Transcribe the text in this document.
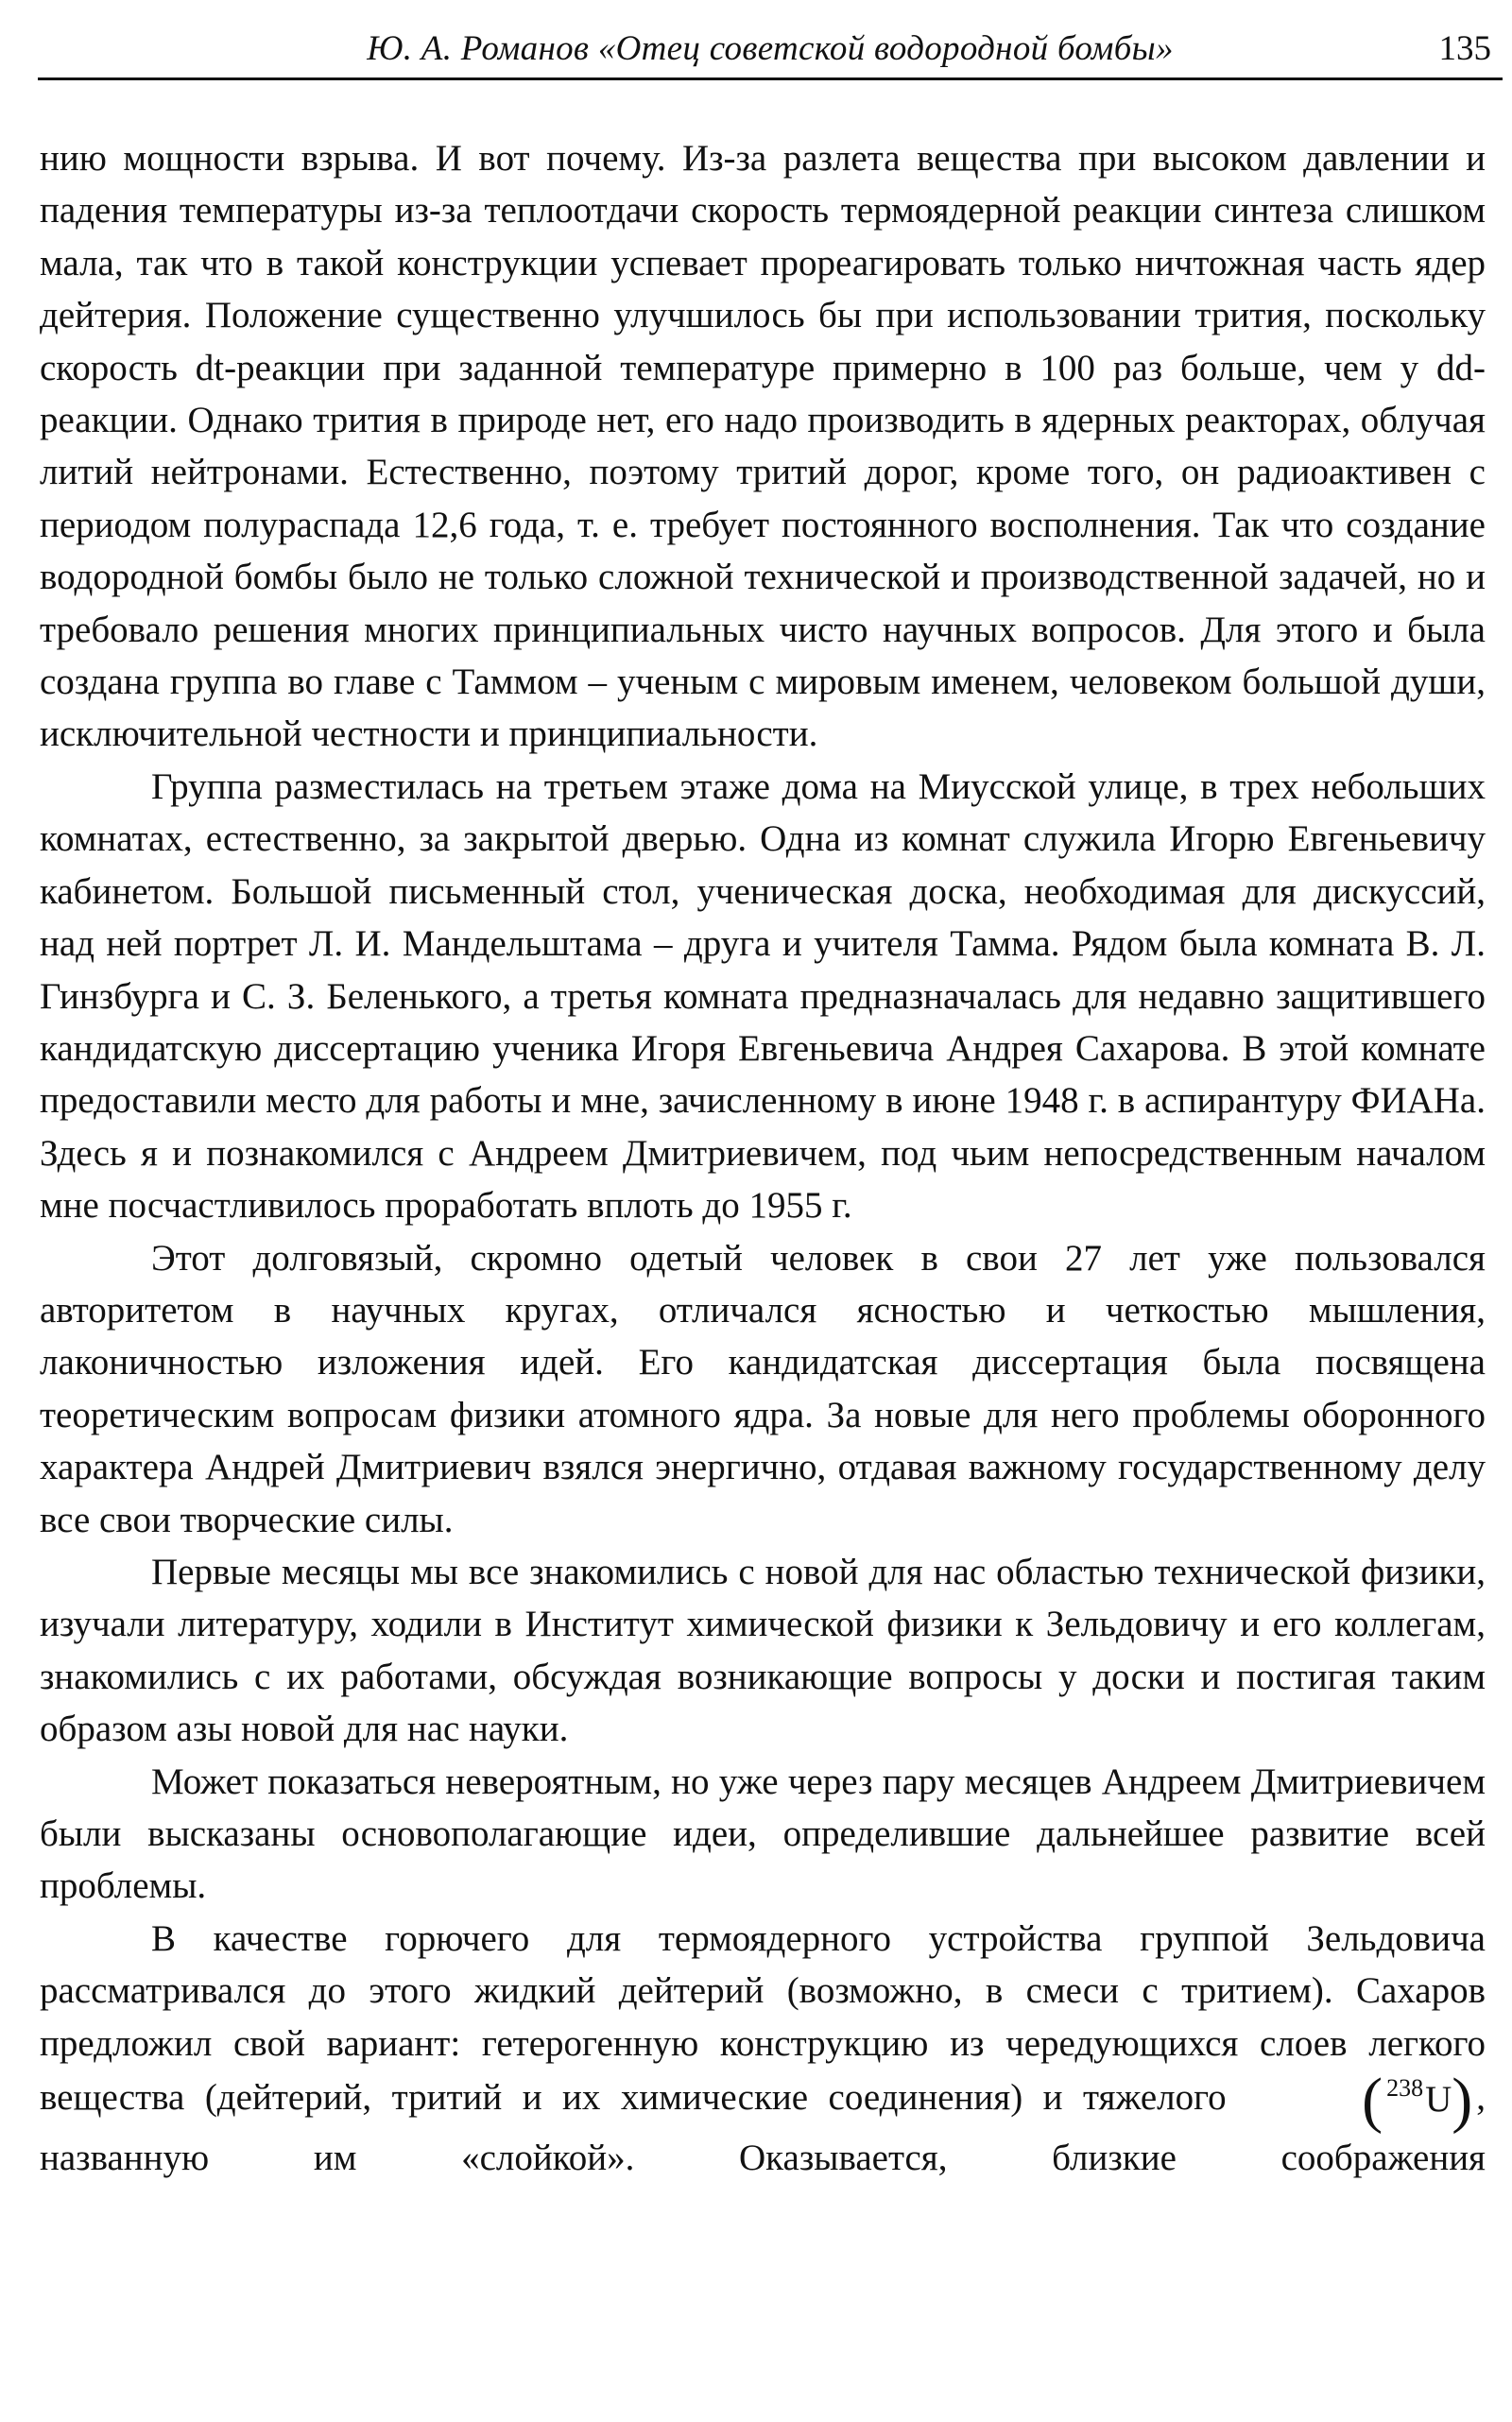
Ю. А. Романов «Отец советской водородной бомбы»	135

нию мощности взрыва. И вот почему. Из-за разлета вещества при высоком давлении и падения температуры из-за теплоотдачи скорость термоядерной реакции синтеза слишком мала, так что в такой конструкции успевает прореагировать только ничтожная часть ядер дейтерия. Положение существенно улучшилось бы при использовании трития, поскольку скорость dt-реакции при заданной температуре примерно в 100 раз больше, чем у dd-реакции. Однако трития в природе нет, его надо производить в ядерных реакторах, облучая литий нейтронами. Естественно, поэтому тритий дорог, кроме того, он радиоактивен с периодом полураспада 12,6 года, т. е. требует постоянного восполнения. Так что создание водородной бомбы было не только сложной технической и производственной задачей, но и требовало решения многих принципиальных чисто научных вопросов. Для этого и была создана группа во главе с Таммом – ученым с мировым именем, человеком большой души, исключительной честности и принципиальности.

Группа разместилась на третьем этаже дома на Миусской улице, в трех небольших комнатах, естественно, за закрытой дверью. Одна из комнат служила Игорю Евгеньевичу кабинетом. Большой письменный стол, ученическая доска, необходимая для дискуссий, над ней портрет Л. И. Мандельштама – друга и учителя Тамма. Рядом была комната В. Л. Гинзбурга и С. З. Беленького, а третья комната предназначалась для недавно защитившего кандидатскую диссертацию ученика Игоря Евгеньевича Андрея Сахарова. В этой комнате предоставили место для работы и мне, зачисленному в июне 1948 г. в аспирантуру ФИАНа. Здесь я и познакомился с Андреем Дмитриевичем, под чьим непосредственным началом мне посчастливилось проработать вплоть до 1955 г.

Этот долговязый, скромно одетый человек в свои 27 лет уже пользовался авторитетом в научных кругах, отличался ясностью и четкостью мышления, лаконичностью изложения идей. Его кандидатская диссертация была посвящена теоретическим вопросам физики атомного ядра. За новые для него проблемы оборонного характера Андрей Дмитриевич взялся энергично, отдавая важному государственному делу все свои творческие силы.

Первые месяцы мы все знакомились с новой для нас областью технической физики, изучали литературу, ходили в Институт химической физики к Зельдовичу и его коллегам, знакомились с их работами, обсуждая возникающие вопросы у доски и постигая таким образом азы новой для нас науки.

Может показаться невероятным, но уже через пару месяцев Андреем Дмитриевичем были высказаны основополагающие идеи, определившие дальнейшее развитие всей проблемы.

В качестве горючего для термоядерного устройства группой Зельдовича рассматривался до этого жидкий дейтерий (возможно, в смеси с тритием). Сахаров предложил свой вариант: гетерогенную конструкцию из чередующихся слоев легкого вещества (дейтерий, тритий и их химические соединения) и тяжелого ( $^{238}$U) , названную им «слойкой». Оказывается, близкие соображения
